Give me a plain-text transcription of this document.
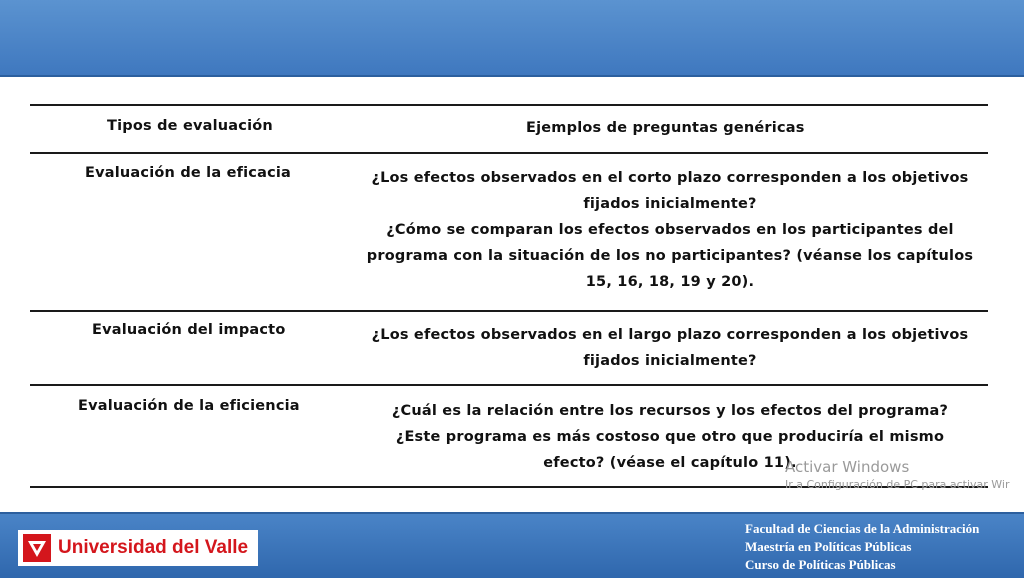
Tipos de evaluación	Ejemplos de preguntas genéricas
Evaluación de la eficacia	¿Los efectos observados en el corto plazo corresponden a los objetivos
fijados inicialmente?
¿Cómo se comparan los efectos observados en los participantes del
programa con la situación de los no participantes? (véanse los capítulos
15, 16, 18, 19 y 20).
Evaluación del impacto	¿Los efectos observados en el largo plazo corresponden a los objetivos
fijados inicialmente?
Evaluación de la eficiencia	¿Cuál es la relación entre los recursos y los efectos del programa?
¿Este programa es más costoso que otro que produciría el mismo
efecto? (véase el capítulo 11).
Activar Windows
Ir a Configuración de PC para activar Wir
Universidad del Valle
Facultad de Ciencias de la Administración
Maestría en Políticas Públicas
Curso de Políticas Públicas
